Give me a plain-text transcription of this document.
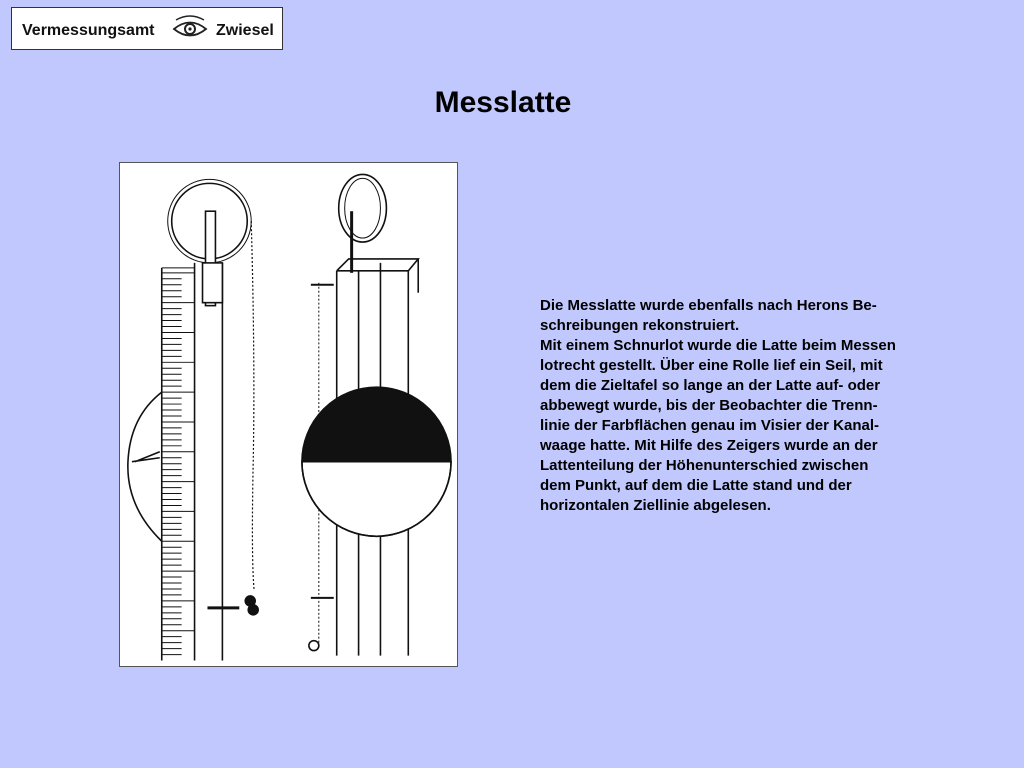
Vermessungsamt	Zwiesel
Messlatte

Die Messlatte wurde ebenfalls nach Herons Be-

schreibungen rekonstruiert.

Mit einem Schnurlot wurde die Latte beim Messen

lotrecht gestellt. Über eine Rolle lief ein Seil, mit

dem die Zieltafel so lange an der Latte auf- oder

abbewegt wurde, bis der Beobachter die Trenn-

linie der Farbflächen genau im Visier der Kanal-

waage hatte. Mit Hilfe des Zeigers wurde an der

Lattenteilung der Höhenunterschied zwischen

dem Punkt, auf dem die Latte stand und der

horizontalen Ziellinie abgelesen.
